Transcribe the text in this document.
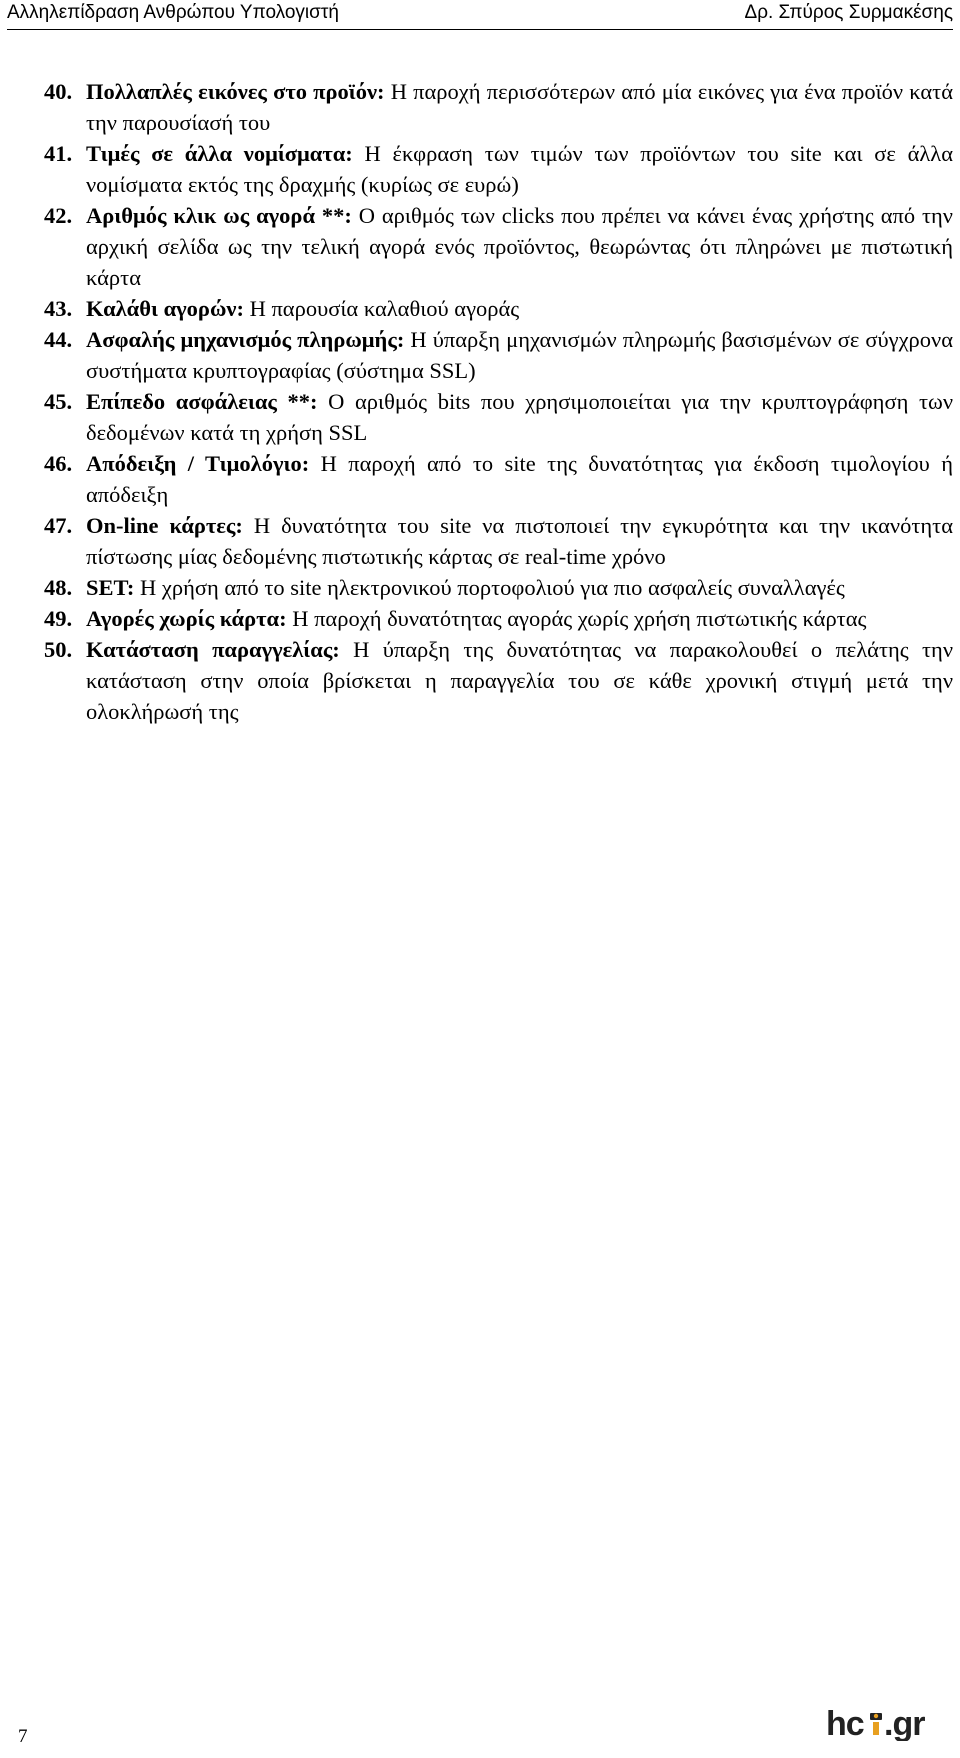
Αλληλεπίδραση Ανθρώπου Υπολογιστή	Δρ. Σπύρος Συρμακέσης
40. Πολλαπλές εικόνες στο προϊόν: Η παροχή περισσότερων από μία εικόνες για ένα προϊόν κατά την παρουσίασή του
41. Τιμές σε άλλα νομίσματα: Η έκφραση των τιμών των προϊόντων του site και σε άλλα νομίσματα εκτός της δραχμής (κυρίως σε ευρώ)
42. Αριθμός κλικ ως αγορά **: Ο αριθμός των clicks που πρέπει να κάνει ένας χρήστης από την αρχική σελίδα ως την τελική αγορά ενός προϊόντος, θεωρώντας ότι πληρώνει με πιστωτική κάρτα
43. Καλάθι αγορών: Η παρουσία καλαθιού αγοράς
44. Ασφαλής μηχανισμός πληρωμής: Η ύπαρξη μηχανισμών πληρωμής βασισμένων σε σύγχρονα συστήματα κρυπτογραφίας (σύστημα SSL)
45. Επίπεδο ασφάλειας **: Ο αριθμός bits που χρησιμοποιείται για την κρυπτογράφηση των δεδομένων κατά τη χρήση SSL
46. Απόδειξη / Τιμολόγιο: Η παροχή από το site της δυνατότητας για έκδοση τιμολογίου ή απόδειξη
47. On-line κάρτες: Η δυνατότητα του site να πιστοποιεί την εγκυρότητα και την ικανότητα πίστωσης μίας δεδομένης πιστωτικής κάρτας σε real-time χρόνο
48. SET: Η χρήση από το site ηλεκτρονικού πορτοφολιού για πιο ασφαλείς συναλλαγές
49. Αγορές χωρίς κάρτα: Η παροχή δυνατότητας αγοράς χωρίς χρήση πιστωτικής κάρτας
50. Κατάσταση παραγγελίας: Η ύπαρξη της δυνατότητας να παρακολουθεί ο πελάτης την κατάσταση στην οποία βρίσκεται η παραγγελία του σε κάθε χρονική στιγμή μετά την ολοκλήρωσή της
7	hc .gr
